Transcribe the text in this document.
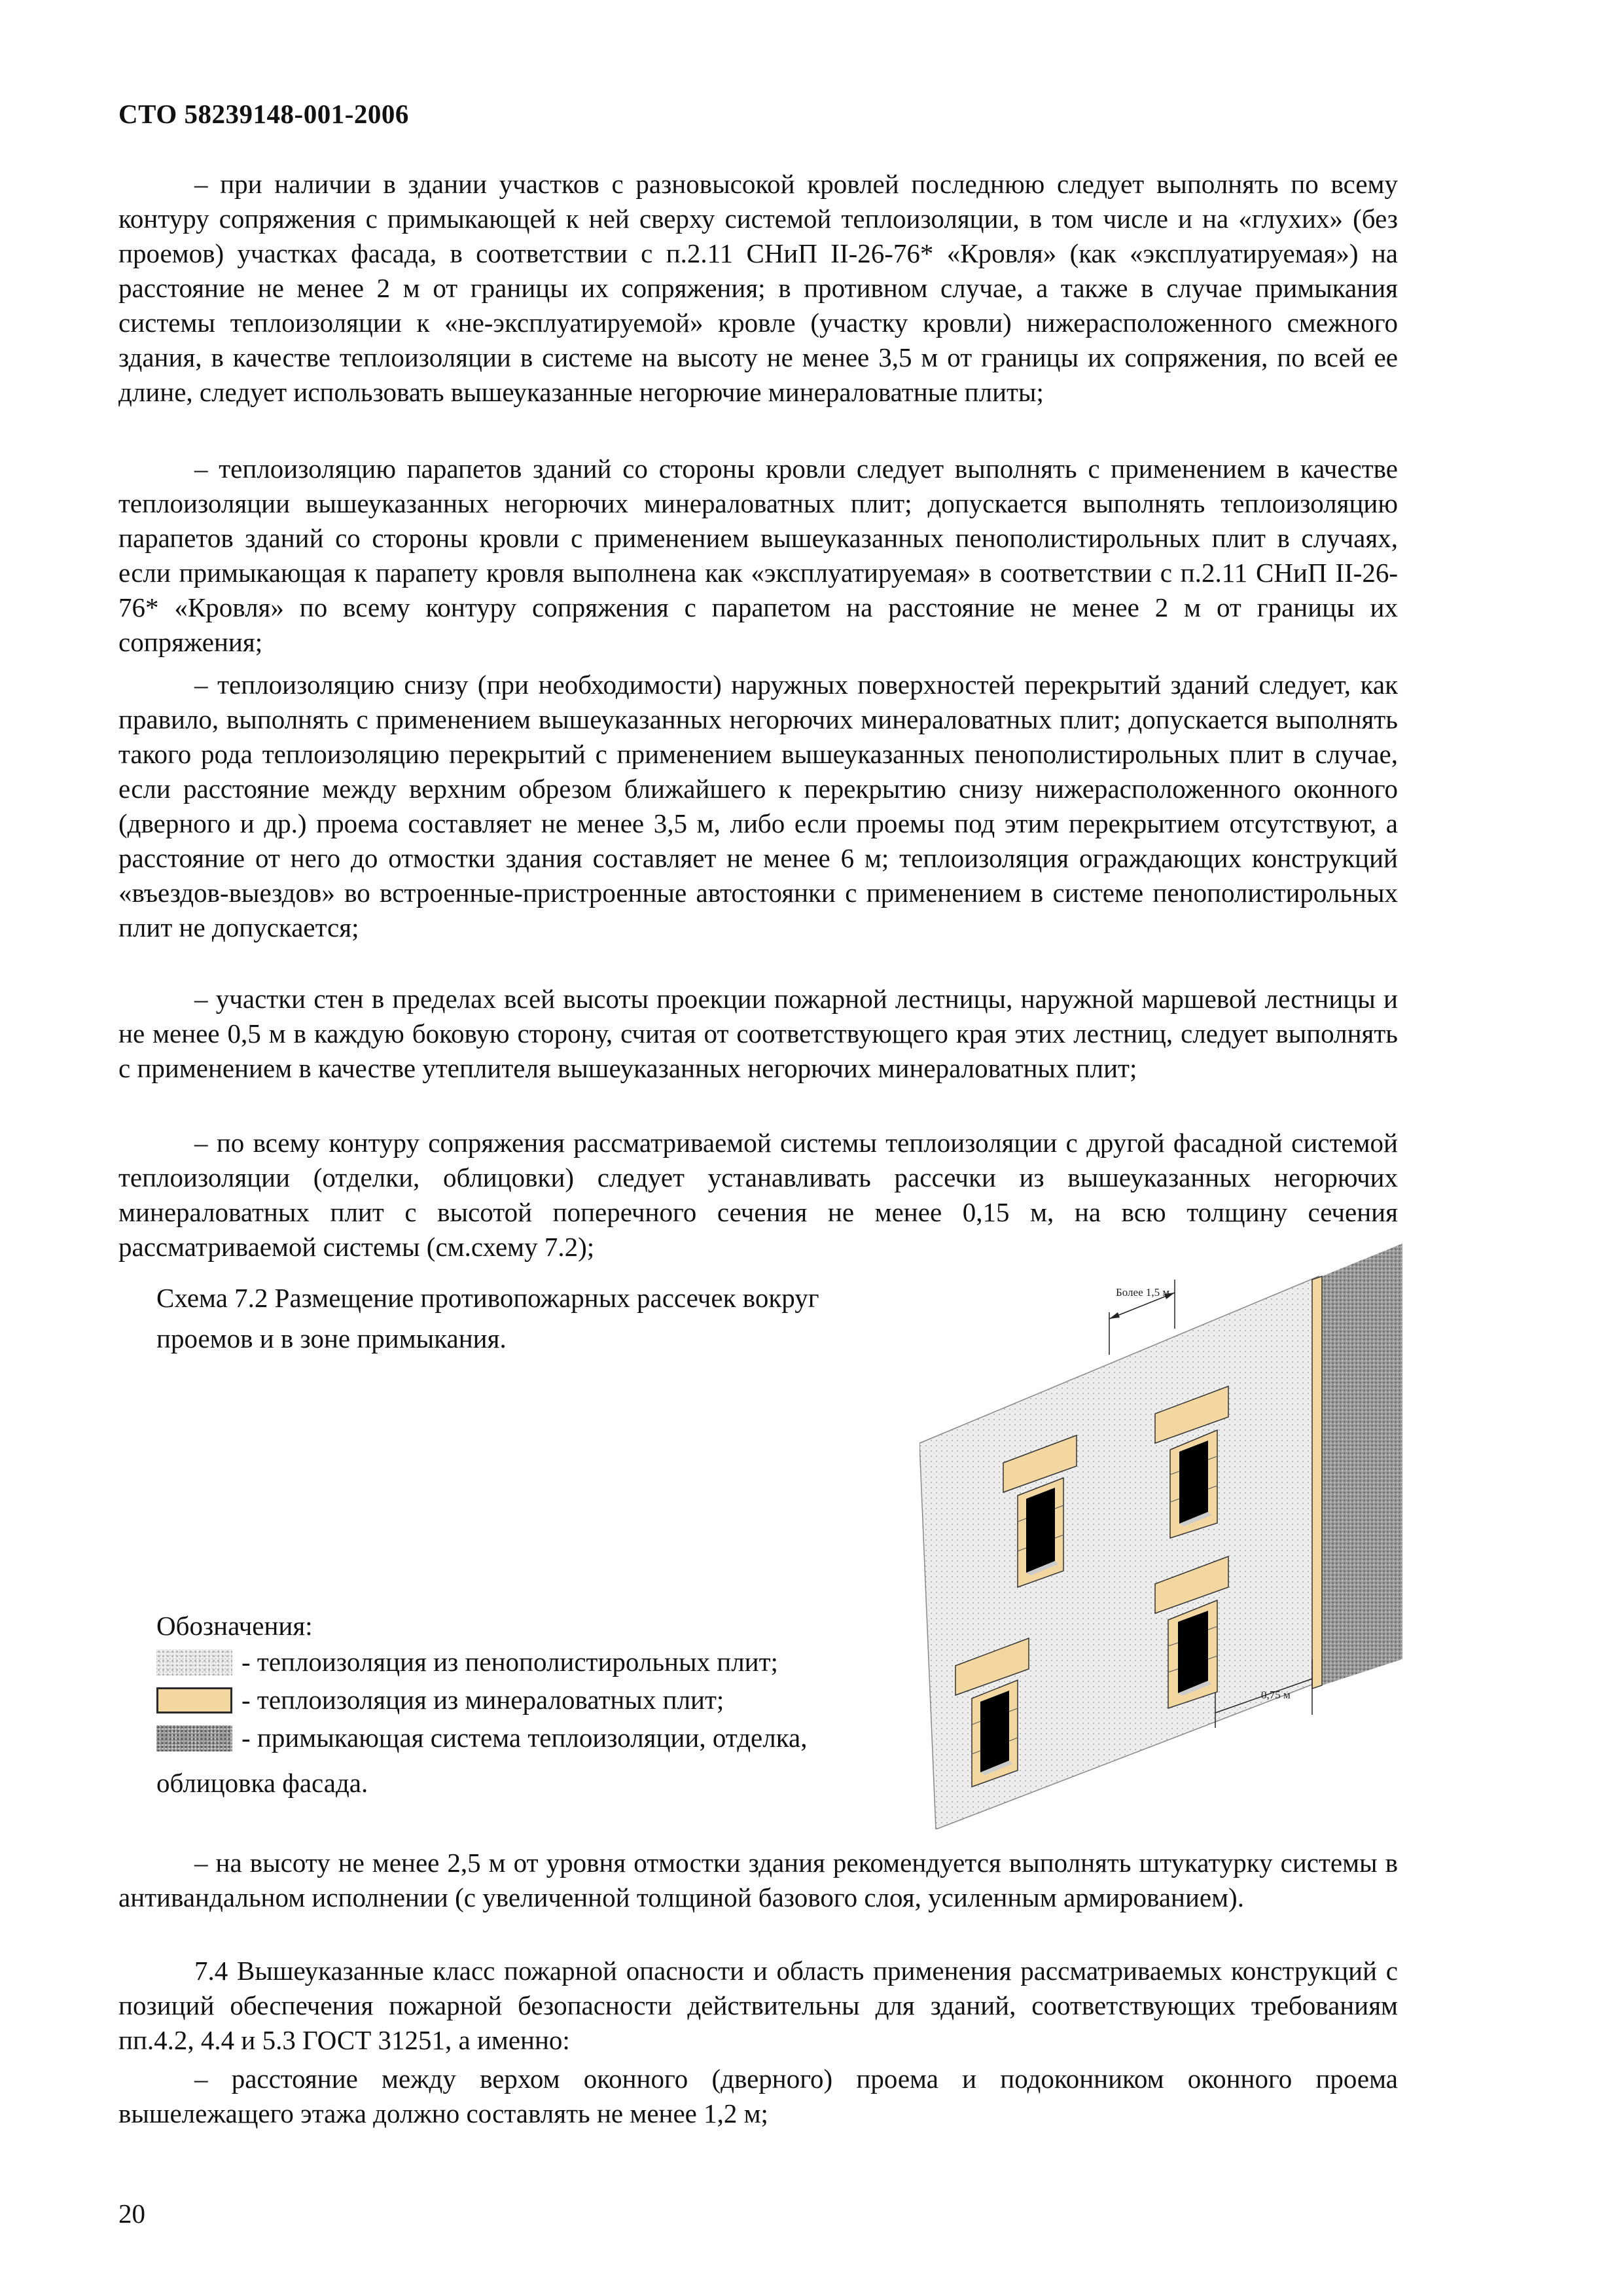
СТО 58239148-001-2006

– при наличии в здании участков с разновысокой кровлей последнюю следует выполнять по всему контуру сопряжения с примыкающей к ней сверху системой теплоизоляции, в том числе и на «глухих» (без проемов) участках фасада, в соответствии с п.2.11 СНиП II-26-76* «Кровля» (как «эксплуатируемая») на расстояние не менее 2 м от границы их сопряжения; в противном случае, а также в случае примыкания системы теплоизоляции к «не-эксплуатируемой» кровле (участку кровли) нижерасположенного смежного здания, в качестве теплоизоляции в системе на высоту не менее 3,5 м от границы их сопряжения, по всей ее длине, следует использовать вышеуказанные негорючие минераловатные плиты;

– теплоизоляцию парапетов зданий со стороны кровли следует выполнять с применением в качестве теплоизоляции вышеуказанных негорючих минераловатных плит; допускается выполнять теплоизоляцию парапетов зданий со стороны кровли с применением вышеуказанных пенополистирольных плит в случаях, если примыкающая к парапету кровля выполнена как «эксплуатируемая» в соответствии с п.2.11 СНиП II-26-76* «Кровля» по всему контуру сопряжения с парапетом на расстояние не менее 2 м от границы их сопряжения;

– теплоизоляцию снизу (при необходимости) наружных поверхностей перекрытий зданий следует, как правило, выполнять с применением вышеуказанных негорючих минераловатных плит; допускается выполнять такого рода теплоизоляцию перекрытий с применением вышеуказанных пенополистирольных плит в случае, если расстояние между верхним обрезом ближайшего к перекрытию снизу нижерасположенного оконного (дверного и др.) проема составляет не менее 3,5 м, либо если проемы под этим перекрытием отсутствуют, а расстояние от него до отмостки здания составляет не менее 6 м; теплоизоляция ограждающих конструкций «въездов-выездов» во встроенные-пристроенные автостоянки с применением в системе пенополистирольных плит не допускается;

– участки стен в пределах всей высоты проекции пожарной лестницы, наружной маршевой лестницы и не менее 0,5 м в каждую боковую сторону, считая от соответствующего края этих лестниц, следует выполнять с применением в качестве утеплителя вышеуказанных негорючих минераловатных плит;

– по всему контуру сопряжения рассматриваемой системы теплоизоляции с другой фасадной системой теплоизоляции (отделки, облицовки) следует устанавливать рассечки из вышеуказанных негорючих минераловатных плит с высотой поперечного сечения не менее 0,15 м, на всю толщину сечения рассматриваемой системы (см.схему 7.2);

Схема 7.2 Размещение противопожарных рассечек вокруг проемов и в зоне примыкания.

Более 1,5 м
0,75 м
Обозначения:
- теплоизоляция из пенополистирольных плит;
- теплоизоляция из минераловатных плит;
- примыкающая система теплоизоляции, отделка,
облицовка фасада.

– на высоту не менее 2,5 м от уровня отмостки здания рекомендуется выполнять штукатурку системы в антивандальном исполнении (с увеличенной толщиной базового слоя, усиленным армированием).

7.4 Вышеуказанные класс пожарной опасности и область применения рассматриваемых конструкций с позиций обеспечения пожарной безопасности действительны для зданий, соответствующих требованиям пп.4.2, 4.4 и 5.3 ГОСТ 31251, а именно:

– расстояние между верхом оконного (дверного) проема и подоконником оконного проема вышележащего этажа должно составлять не менее 1,2 м;

20
